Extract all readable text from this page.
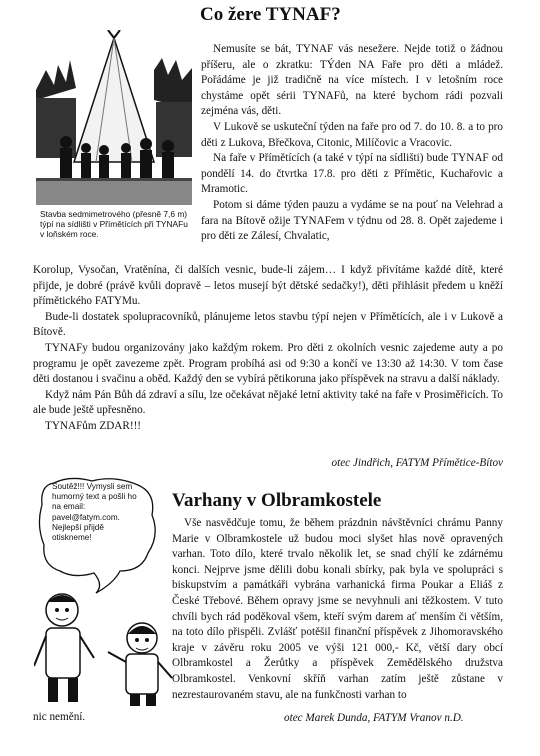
Co žere TYNAF?

Stavba sedmimetrového (přesně 7,6 m) týpí na sídlišti v Přímětících při TYNAFu v loňském roce.

Nemusíte se bát, TYNAF vás nesežere. Nejde totiž o žádnou příšeru, ale o zkratku: TÝden NA Faře pro děti a mládež. Pořádáme je již tradičně na více místech. I v letošním roce chystáme opět sérii TYNAFů, na které bychom rádi pozvali zejména vás, děti.

V Lukově se uskuteční týden na faře pro od 7. do 10. 8. a to pro děti z Lukova, Břečkova, Citonic, Milíčovic a Vracovic.

Na faře v Přímětících (a také v týpí na sídlišti) bude TYNAF od pondělí 14. do čtvrtka 17.8. pro děti z Přímětic, Kuchařovic a Mramotic.

Potom si dáme týden pauzu a vydáme se na pouť na Velehrad a fara na Bítově ožije TYNAFem v týdnu od 28. 8. Opět zajedeme i pro děti ze Zálesí, Chvalatic,

Korolup, Vysočan, Vratěnína, či dalších vesnic, bude-li zájem… I když přivítáme každé dítě, které přijde, je dobré (právě kvůli dopravě – letos musejí být dětské sedačky!), děti přihlásit předem u kněží přímětického FATYMu.

Bude-li dostatek spolupracovníků, plánujeme letos stavbu týpí nejen v Přímětících, ale i v Lukově a Bítově.

TYNAFy budou organizovány jako každým rokem. Pro děti z okolních vesnic zajedeme auty a po programu je opět zavezeme zpět. Program probíhá asi od 9:30 a končí ve 13:30 až 14:30. V tom čase děti dostanou i svačinu a oběd. Každý den se vybírá pětikoruna jako příspěvek na stravu a další náklady.

Když nám Pán Bůh dá zdraví a sílu, lze očekávat nějaké letní aktivity také na faře v Prosiměřicích. To ale bude ještě upřesněno.

TYNAFům ZDAR!!!

otec Jindřich, FATYM Přímětice-Bítov

Soutěž!!! Vymysli sem humorný text a pošli ho na email: pavel@fatym.com. Nejlepší přijdě otiskneme!

Varhany v Olbramkostele

Vše nasvědčuje tomu, že během prázdnin návštěvníci chrámu Panny Marie v Olbramkostele už budou moci slyšet hlas nově opravených varhan. Toto dílo, které trvalo několik let, se snad chýlí ke zdárnému konci. Nejprve jsme dělili dobu konali sbírky, pak byla ve spolupráci s biskupstvím a památkáři vybrána varhanická firma Poukar a Eliáš z České Třebové. Během opravy jsme se nevyhnuli ani těžkostem. V tuto chvíli bych rád poděkoval všem, kteří svým darem ať menším či větším, na toto dílo přispěli. Zvlášť potěšil finanční příspěvek z Jihomoravského kraje v závěru roku 2005 ve výši 121 000,- Kč, větší dary obcí Olbramkostel a Žerůtky a příspěvek Zemědělského družstva Olbramkostel. Venkovní skříň varhan zatím ještě zůstane v nezrestaurovaném stavu, ale na funkčnosti varhan to

nic nemění.	otec Marek Dunda, FATYM Vranov n.D.
